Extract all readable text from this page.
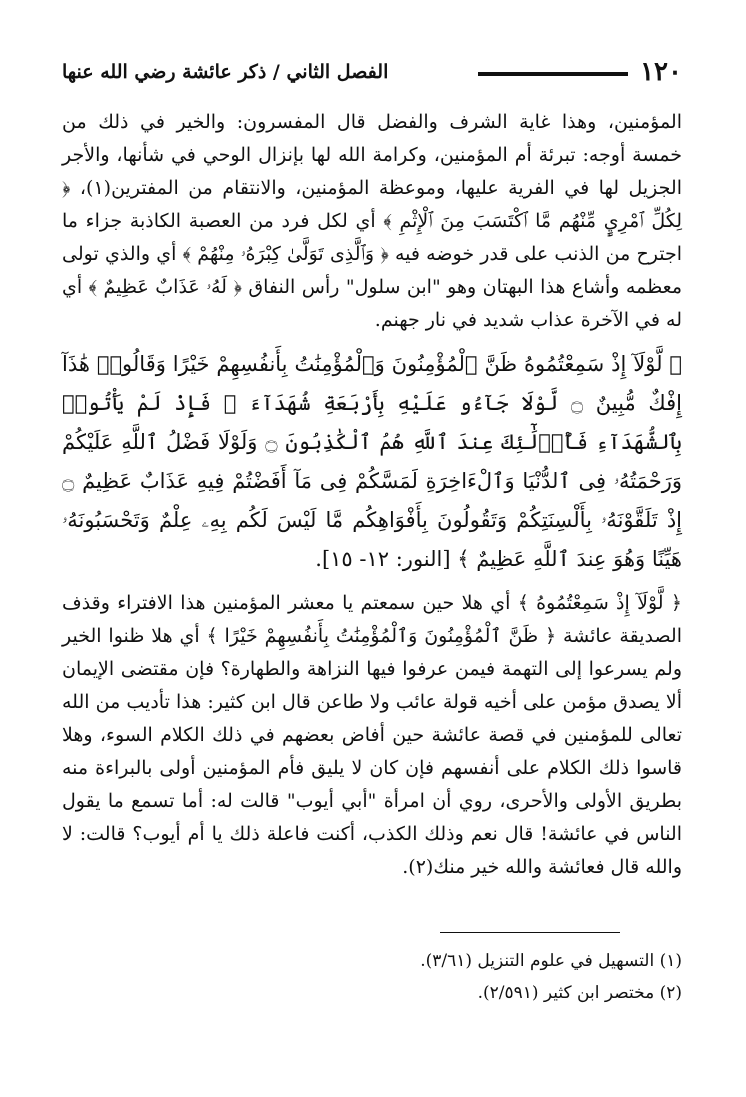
١٢٠
الفصل الثاني / ذكر عائشة رضي الله عنها

المؤمنين، وهذا غاية الشرف والفضل قال المفسرون: والخير في ذلك من خمسة أوجه: تبرئة أم المؤمنين، وكرامة الله لها بإنزال الوحي في شأنها، والأجر الجزيل لها في الفرية عليها، وموعظة المؤمنين، والانتقام من المفترين(١)، ﴿ لِكُلِّ ٱمْرِيٍٕ مِّنْهُم مَّا ٱكْتَسَبَ مِنَ ٱلْإِثْمِ ﴾ أي لكل فرد من العصبة الكاذبة جزاء ما اجترح من الذنب على قدر خوضه فيه ﴿ وَٱلَّذِى تَوَلَّىٰ كِبْرَهُۥ مِنْهُمْ ﴾ أي والذي تولى معظمه وأشاع هذا البهتان وهو "ابن سلول" رأس النفاق ﴿ لَهُۥ عَذَابٌ عَظِيمٌ ﴾ أي له في الآخرة عذاب شديد في نار جهنم.

﴿ لَّوْلَآ إِذْ سَمِعْتُمُوهُ ظَنَّ ٱلْمُؤْمِنُونَ وَٱلْمُؤْمِنَٰتُ بِأَنفُسِهِمْ خَيْرًا وَقَالُوا۟ هَٰذَآ إِفْكٌ مُّبِينٌ ۝ لَّوْلَا جَآءُو عَلَيْهِ بِأَرْبَعَةِ شُهَدَآءَ ۚ فَإِذْ لَمْ يَأْتُوا۟ بِٱلشُّهَدَآءِ فَأُو۟لَٰٓئِكَ عِندَ ٱللَّهِ هُمُ ٱلْكَٰذِبُونَ ۝ وَلَوْلَا فَضْلُ ٱللَّهِ عَلَيْكُمْ وَرَحْمَتُهُۥ فِى ٱلدُّنْيَا وَٱلْءَاخِرَةِ لَمَسَّكُمْ فِى مَآ أَفَضْتُمْ فِيهِ عَذَابٌ عَظِيمٌ ۝ إِذْ تَلَقَّوْنَهُۥ بِأَلْسِنَتِكُمْ وَتَقُولُونَ بِأَفْوَاهِكُم مَّا لَيْسَ لَكُم بِهِۦ عِلْمٌ وَتَحْسَبُونَهُۥ هَيِّنًا وَهُوَ عِندَ ٱللَّهِ عَظِيمٌ ﴾ [النور: ١٢- ١٥].

﴿ لَّوْلَآ إِذْ سَمِعْتُمُوهُ ﴾ أي هلا حين سمعتم يا معشر المؤمنين هذا الافتراء وقذف الصديقة عائشة ﴿ ظَنَّ ٱلْمُؤْمِنُونَ وَٱلْمُؤْمِنَٰتُ بِأَنفُسِهِمْ خَيْرًا ﴾ أي هلا ظنوا الخير ولم يسرعوا إلى التهمة فيمن عرفوا فيها النزاهة والطهارة؟ فإن مقتضى الإيمان ألا يصدق مؤمن على أخيه قولة عائب ولا طاعن قال ابن كثير: هذا تأديب من الله تعالى للمؤمنين في قصة عائشة حين أفاض بعضهم في ذلك الكلام السوء، وهلا قاسوا ذلك الكلام على أنفسهم فإن كان لا يليق فأم المؤمنين أولى بالبراءة منه بطريق الأولى والأحرى، روي أن امرأة "أبي أيوب" قالت له: أما تسمع ما يقول الناس في عائشة! قال نعم وذلك الكذب، أكنت فاعلة ذلك يا أم أيوب؟ قالت: لا والله قال فعائشة والله خير منك(٢).

(١) التسهيل في علوم التنزيل (٣/٦١).
(٢) مختصر ابن كثير (٢/٥٩١).
